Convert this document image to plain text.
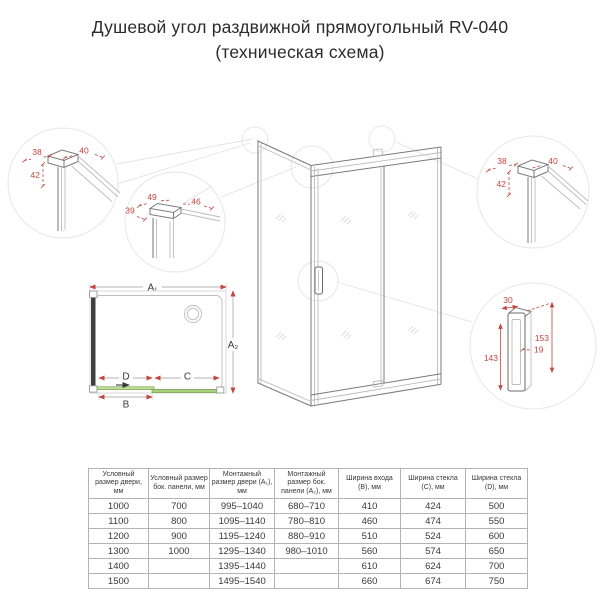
Душевой угол раздвижной прямоугольный RV-040
(техническая схема)
38	40
42
49	46
39
38	40
42
30
153
143
19
A₁
A₂
D	C
B
Условный размер двери, мм	Условный размер бок. панели, мм	Монтажный размер двери (A₁), мм	Монтажный размер бок. панели (A₂), мм	Ширина входа (B), мм	Ширина стекла (C), мм	Ширина стекла (D), мм
1000	700	995–1040	680–710	410	424	500
1100	800	1095–1140	780–810	460	474	550
1200	900	1195–1240	880–910	510	524	600
1300	1000	1295–1340	980–1010	560	574	650
1400		1395–1440		610	624	700
1500		1495–1540		660	674	750
